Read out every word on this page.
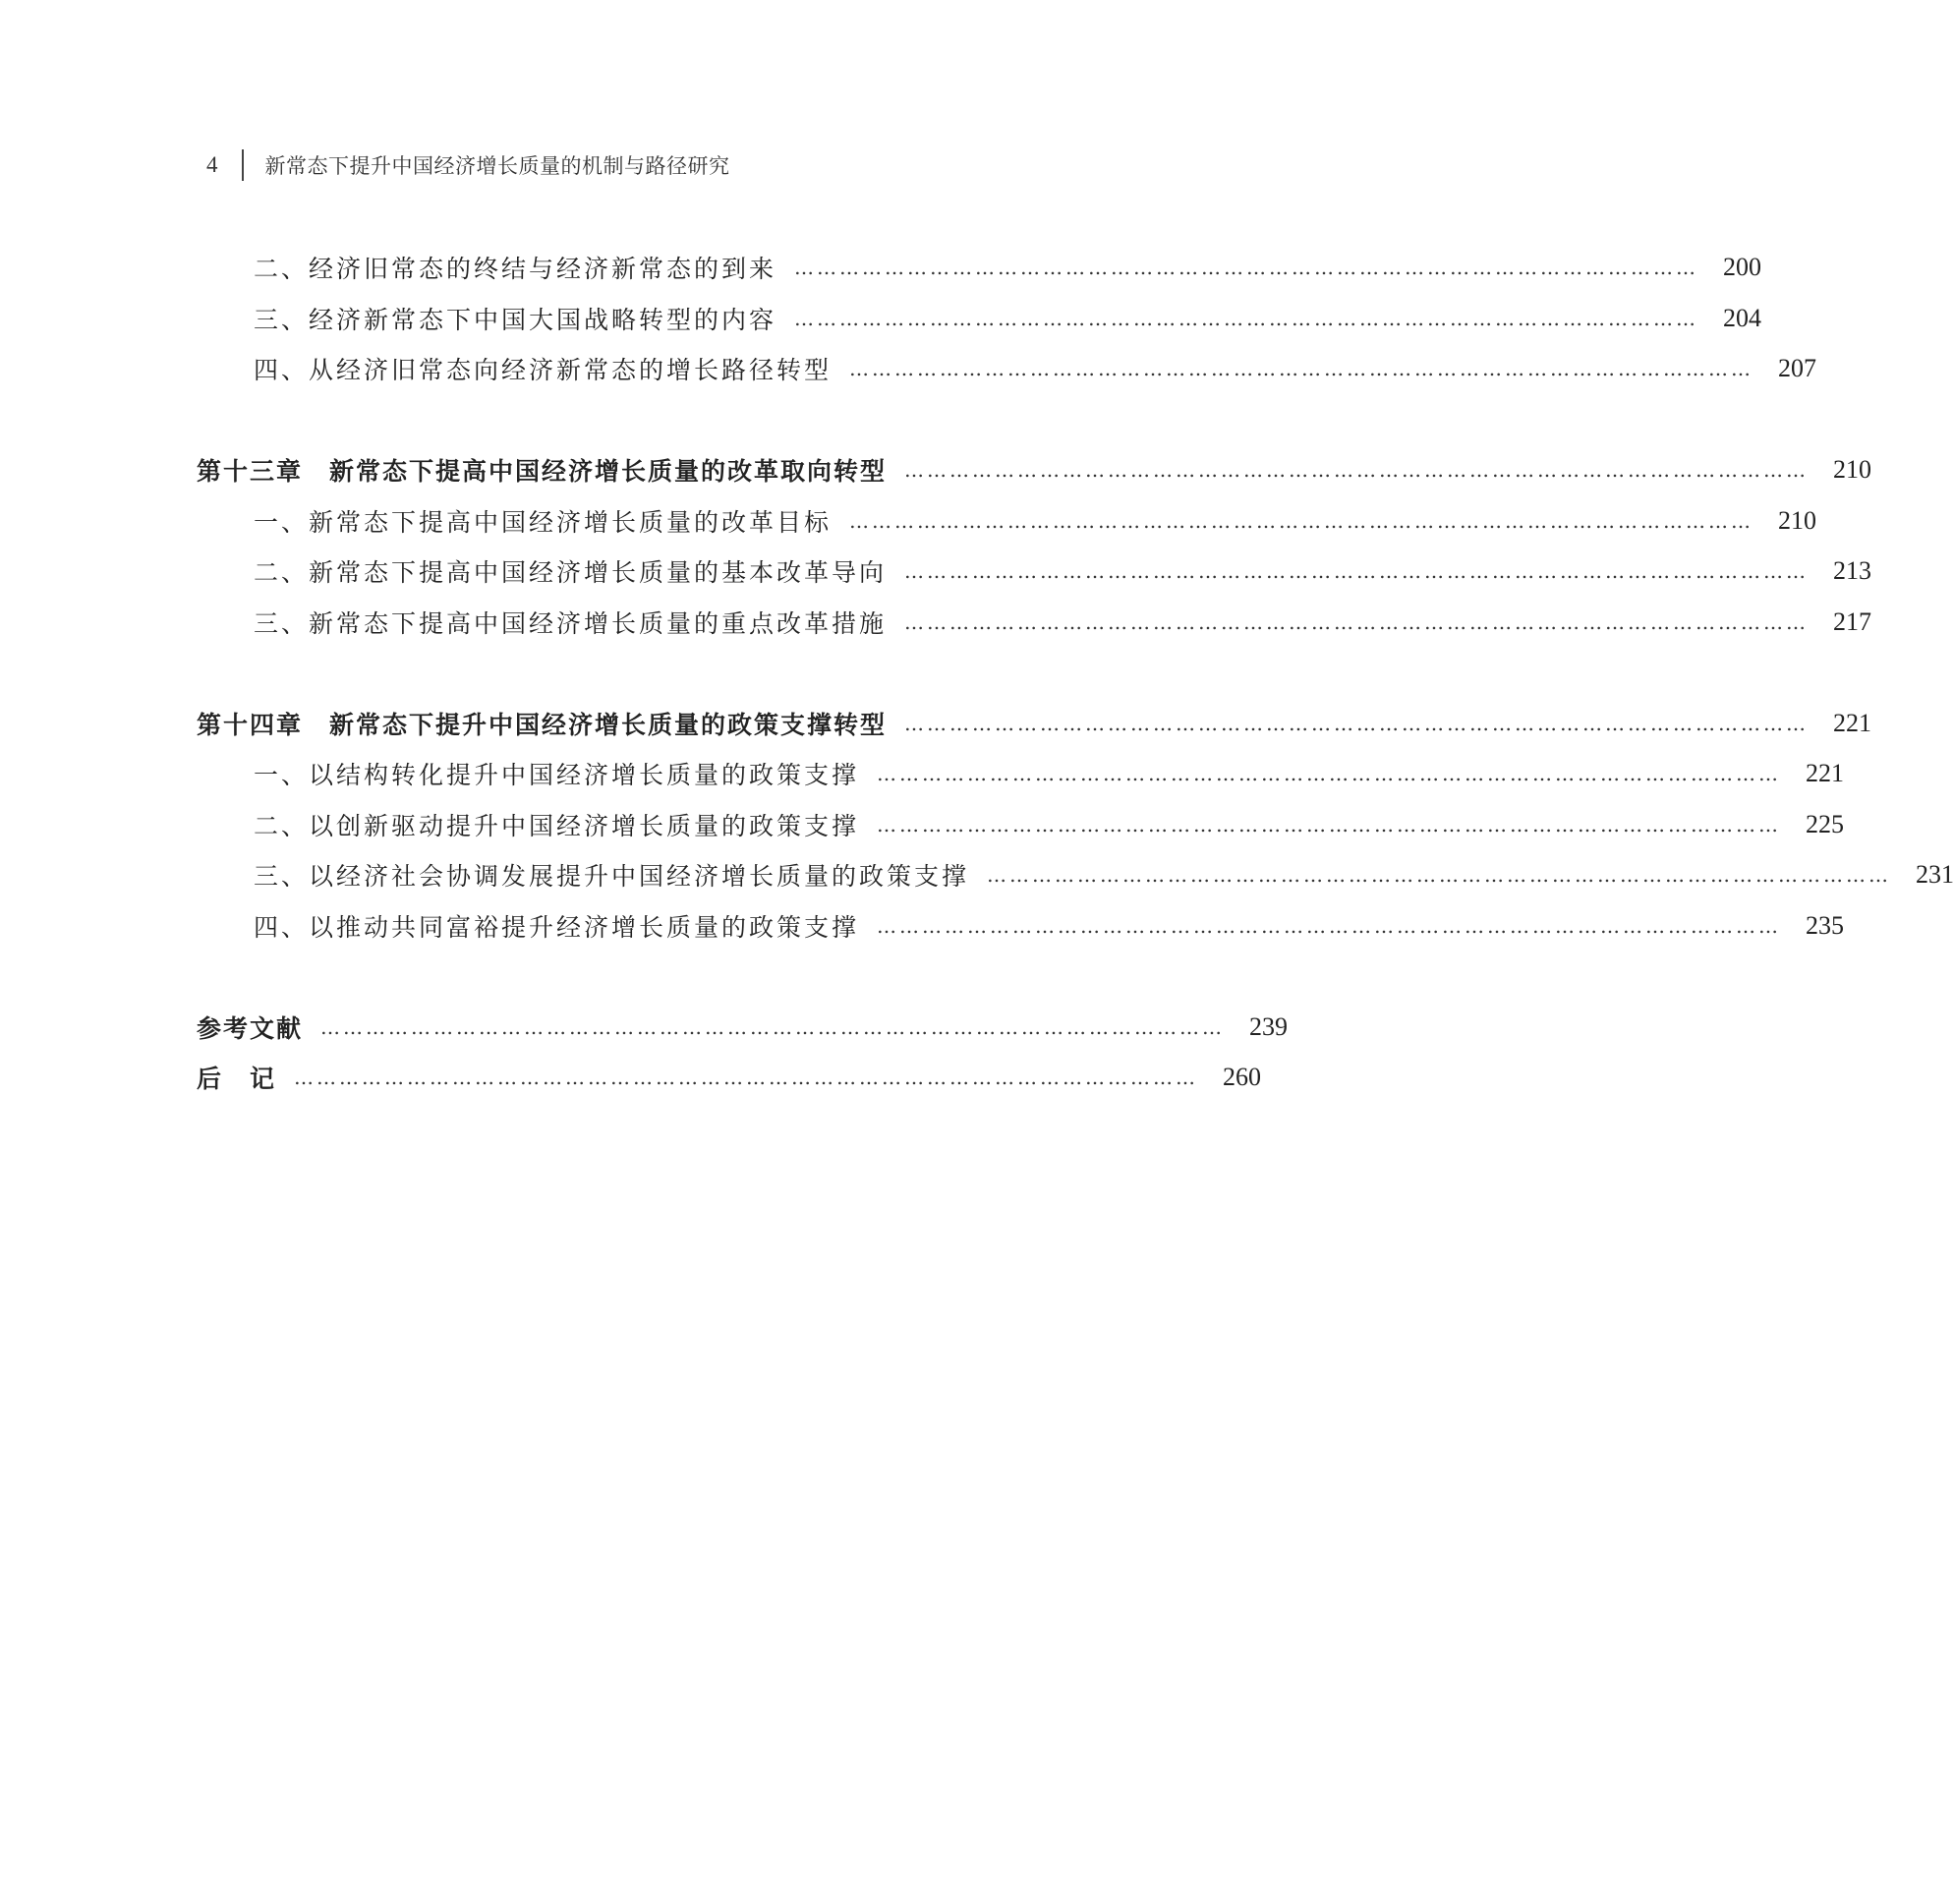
4	新常态下提升中国经济增长质量的机制与路径研究
二、经济旧常态的终结与经济新常态的到来 ………………………………………………………………………………………………………… 200
三、经济新常态下中国大国战略转型的内容 ………………………………………………………………………………………………………… 204
四、从经济旧常态向经济新常态的增长路径转型 ………………………………………………………………………………………………………… 207
第十三章　新常态下提高中国经济增长质量的改革取向转型 ………………………………………………………………………………………………………… 210
一、新常态下提高中国经济增长质量的改革目标 ………………………………………………………………………………………………………… 210
二、新常态下提高中国经济增长质量的基本改革导向 ………………………………………………………………………………………………………… 213
三、新常态下提高中国经济增长质量的重点改革措施 ………………………………………………………………………………………………………… 217
第十四章　新常态下提升中国经济增长质量的政策支撑转型 ………………………………………………………………………………………………………… 221
一、以结构转化提升中国经济增长质量的政策支撑 ………………………………………………………………………………………………………… 221
二、以创新驱动提升中国经济增长质量的政策支撑 ………………………………………………………………………………………………………… 225
三、以经济社会协调发展提升中国经济增长质量的政策支撑 ………………………………………………………………………………………………………… 231
四、以推动共同富裕提升经济增长质量的政策支撑 ………………………………………………………………………………………………………… 235
参考文献 ………………………………………………………………………………………………………… 239
后　记 ………………………………………………………………………………………………………… 260
